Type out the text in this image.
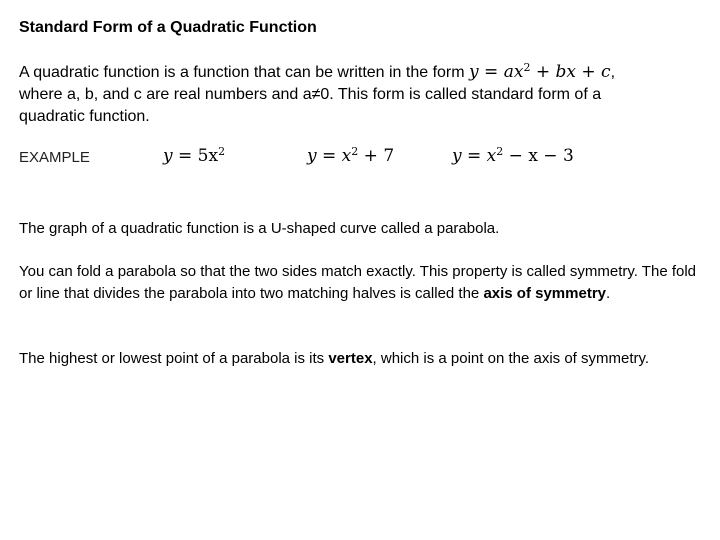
Standard Form of a Quadratic Function

A quadratic function is a function that can be written in the form $y = ax^2$ + bx + c,
where a, b, and c are real numbers and a≠0. This form is called standard form of a
quadratic function.

EXAMPLE	$y = 5x^2$	$y = x^2 + 7$	$y = x^2 - x - 3$

The graph of a quadratic function is a U-shaped curve called a parabola.

You can fold a parabola so that the two sides match exactly. This property is called symmetry. The fold or line that divides the parabola into two matching halves is called the axis of symmetry.

The highest or lowest point of a parabola is its vertex, which is a point on the axis of symmetry.
